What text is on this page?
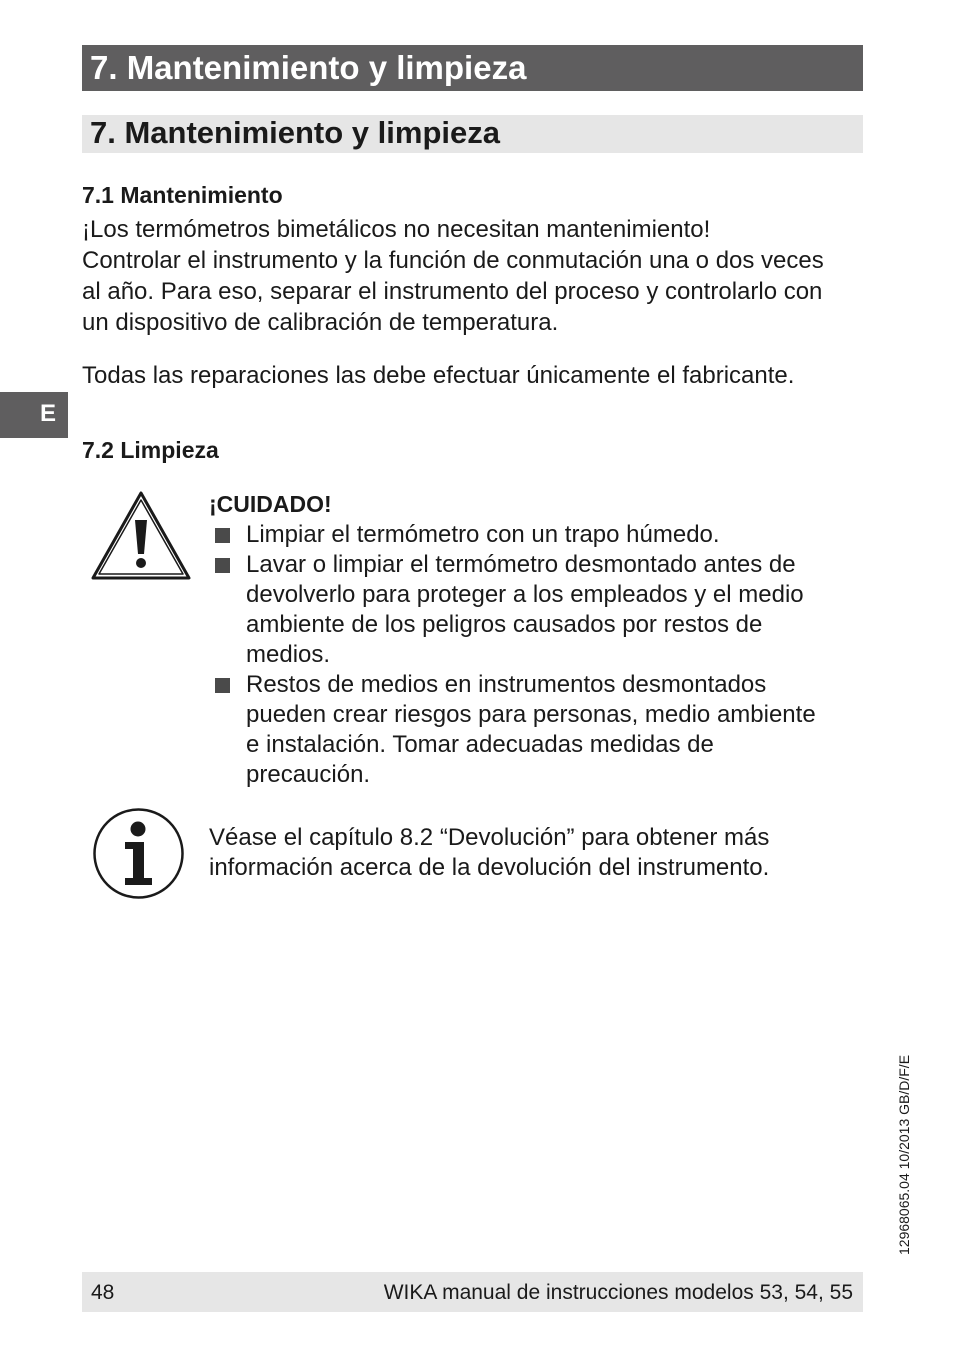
7. Mantenimiento y limpieza
7. Mantenimiento y limpieza
E
7.1 Mantenimiento
¡Los termómetros bimetálicos no necesitan mantenimiento!
Controlar el instrumento y la función de conmutación una o dos veces
al año. Para eso, separar el instrumento del proceso y controlarlo con
un dispositivo de calibración de temperatura.
Todas las reparaciones las debe efectuar únicamente el fabricante.
7.2 Limpieza
¡CUIDADO!
Limpiar el termómetro con un trapo húmedo.
Lavar o limpiar el termómetro desmontado antes de
devolverlo para proteger a los empleados y el medio
ambiente de los peligros causados por restos de
medios.
Restos de medios en instrumentos desmontados
pueden crear riesgos para personas, medio ambiente
e instalación. Tomar adecuadas medidas de
precaución.
Véase el capítulo 8.2 “Devolución” para obtener más
información acerca de la devolución del instrumento.
12968065.04 10/2013 GB/D/F/E
48	WIKA manual de instrucciones modelos 53, 54, 55
